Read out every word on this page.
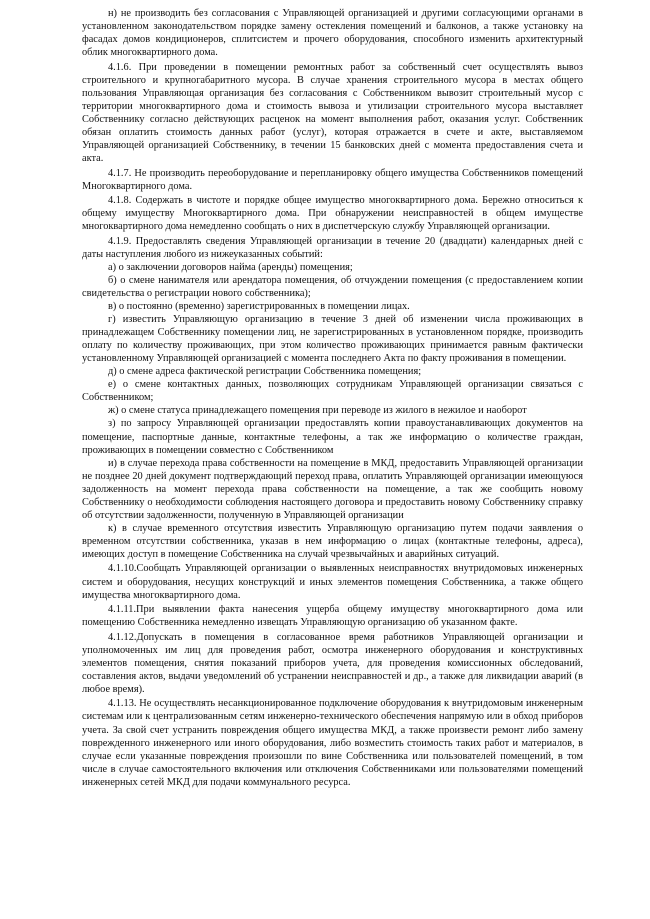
н) не производить без согласования с Управляющей организацией и другими согласующими органами в установленном законодательством порядке замену остекления помещений и балконов, а также установку на фасадах домов кондиционеров, сплитсистем и прочего оборудования, способного изменить архитектурный облик многоквартирного дома.

4.1.6. При проведении в помещении ремонтных работ за собственный счет осуществлять вывоз строительного и крупногабаритного мусора. В случае хранения строительного мусора в местах общего пользования Управляющая организация без согласования с Собственником вывозит строительный мусор с территории многоквартирного дома и стоимость вывоза и утилизации строительного мусора выставляет Собственнику согласно действующих расценок на момент выполнения работ, оказания услуг. Собственник обязан оплатить стоимость данных работ (услуг), которая отражается в счете и акте, выставляемом Управляющей организацией Собственнику, в течении 15 банковских дней с момента предоставления счета и акта.

4.1.7. Не производить переоборудование и перепланировку общего имущества Собственников помещений Многоквартирного дома.

4.1.8. Содержать в чистоте и порядке общее имущество многоквартирного дома. Бережно относиться к общему имуществу Многоквартирного дома. При обнаружении неисправностей в общем имуществе многоквартирного дома немедленно сообщать о них в диспетчерскую службу Управляющей организации.

4.1.9. Предоставлять сведения Управляющей организации в течение 20 (двадцати) календарных дней с даты наступления любого из нижеуказанных событий:

а) о заключении договоров найма (аренды) помещения;

б) о смене нанимателя или арендатора помещения, об отчуждении помещения (с предоставлением копии свидетельства о регистрации нового собственника);

в) о постоянно (временно) зарегистрированных в помещении лицах.

г) известить Управляющую организацию в течение 3 дней об изменении числа проживающих в принадлежащем Собственнику помещении лиц, не зарегистрированных в установленном порядке, производить оплату по количеству проживающих, при этом количество проживающих принимается равным фактически установленному Управляющей организацией с момента последнего Акта по факту проживания в помещении.

д) о смене адреса фактической регистрации Собственника помещения;

е) о смене контактных данных, позволяющих сотрудникам Управляющей организации связаться с Собственником;

ж) о смене статуса принадлежащего помещения при переводе из жилого в нежилое и наоборот

з) по запросу Управляющей организации предоставлять копии правоустанавливающих документов на помещение, паспортные данные, контактные телефоны, а так же информацию о количестве граждан, проживающих в помещении совместно с Собственником

и) в случае перехода права собственности на помещение в МКД, предоставить Управляющей организации не позднее 20 дней документ подтверждающий переход права, оплатить Управляющей организации имеющуюся задолженность на момент перехода права собственности на помещение, а так же сообщить новому Собственнику о необходимости соблюдения настоящего договора и предоставить новому Собственнику справку об отсутствии задолженности, полученную в Управляющей организации

к) в случае временного отсутствия известить Управляющую организацию путем подачи заявления о временном отсутствии собственника, указав в нем информацию о лицах (контактные телефоны, адреса), имеющих доступ в помещение Собственника на случай чрезвычайных и аварийных ситуаций.

4.1.10.Сообщать Управляющей организации о выявленных неисправностях внутридомовых инженерных систем и оборудования, несущих конструкций и иных элементов помещения Собственника, а также общего имущества многоквартирного дома.

4.1.11.При выявлении факта нанесения ущерба общему имуществу многоквартирного дома или помещению Собственника немедленно извещать Управляющую организацию об указанном факте.

4.1.12.Допускать в помещения в согласованное время работников Управляющей организации и уполномоченных им лиц для проведения работ, осмотра инженерного оборудования и конструктивных элементов помещения, снятия показаний приборов учета, для проведения комиссионных обследований, составления актов, выдачи уведомлений об устранении неисправностей и др., а также для ликвидации аварий (в любое время).

4.1.13. Не осуществлять несанкционированное подключение оборудования к внутридомовым инженерным системам или к централизованным сетям инженерно-технического обеспечения напрямую или в обход приборов учета. За свой счет устранить повреждения общего имущества МКД, а также произвести ремонт либо замену поврежденного инженерного или иного оборудования, либо возместить стоимость таких работ и материалов, в случае если указанные повреждения произошли по вине Собственника или пользователей помещений, в том числе в случае самостоятельного включения или отключения Собственниками или пользователями помещений инженерных сетей МКД для подачи коммунального ресурса.
